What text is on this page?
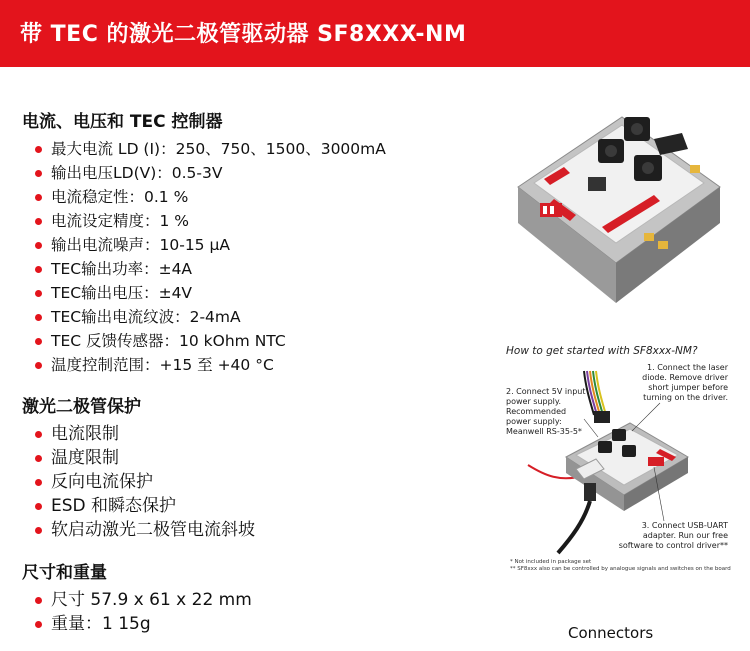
带 TEC 的激光二极管驱动器 SF8XXX-NM
电流、电压和 TEC 控制器
最大电流 LD (I)：250、750、1500、3000mA
输出电压LD(V)：0.5-3V
电流稳定性：0.1 %
电流设定精度：1 %
输出电流噪声：10-15 μA
TEC输出功率：±4A
TEC输出电压：±4V
TEC输出电流纹波：2-4mA
TEC 反馈传感器：10 kOhm NTC
温度控制范围：+15 至 +40 °C
激光二极管保护
电流限制
温度限制
反向电流保护
ESD 和瞬态保护
软启动激光二极管电流斜坡
尺寸和重量
尺寸 57.9 x 61 x 22 mm
重量：1 15g
How to get started with SF8xxx-NM?
1. Connect the laser diode. Remove driver short jumper before turning on the driver.
2. Connect 5V input power supply. Recommended power supply: Meanwell RS-35-5*
3. Connect USB-UART adapter. Run our free software to control driver**
* Not included in package set
** SF8xxx also can be controlled by analogue signals and switches on the board
Connectors
